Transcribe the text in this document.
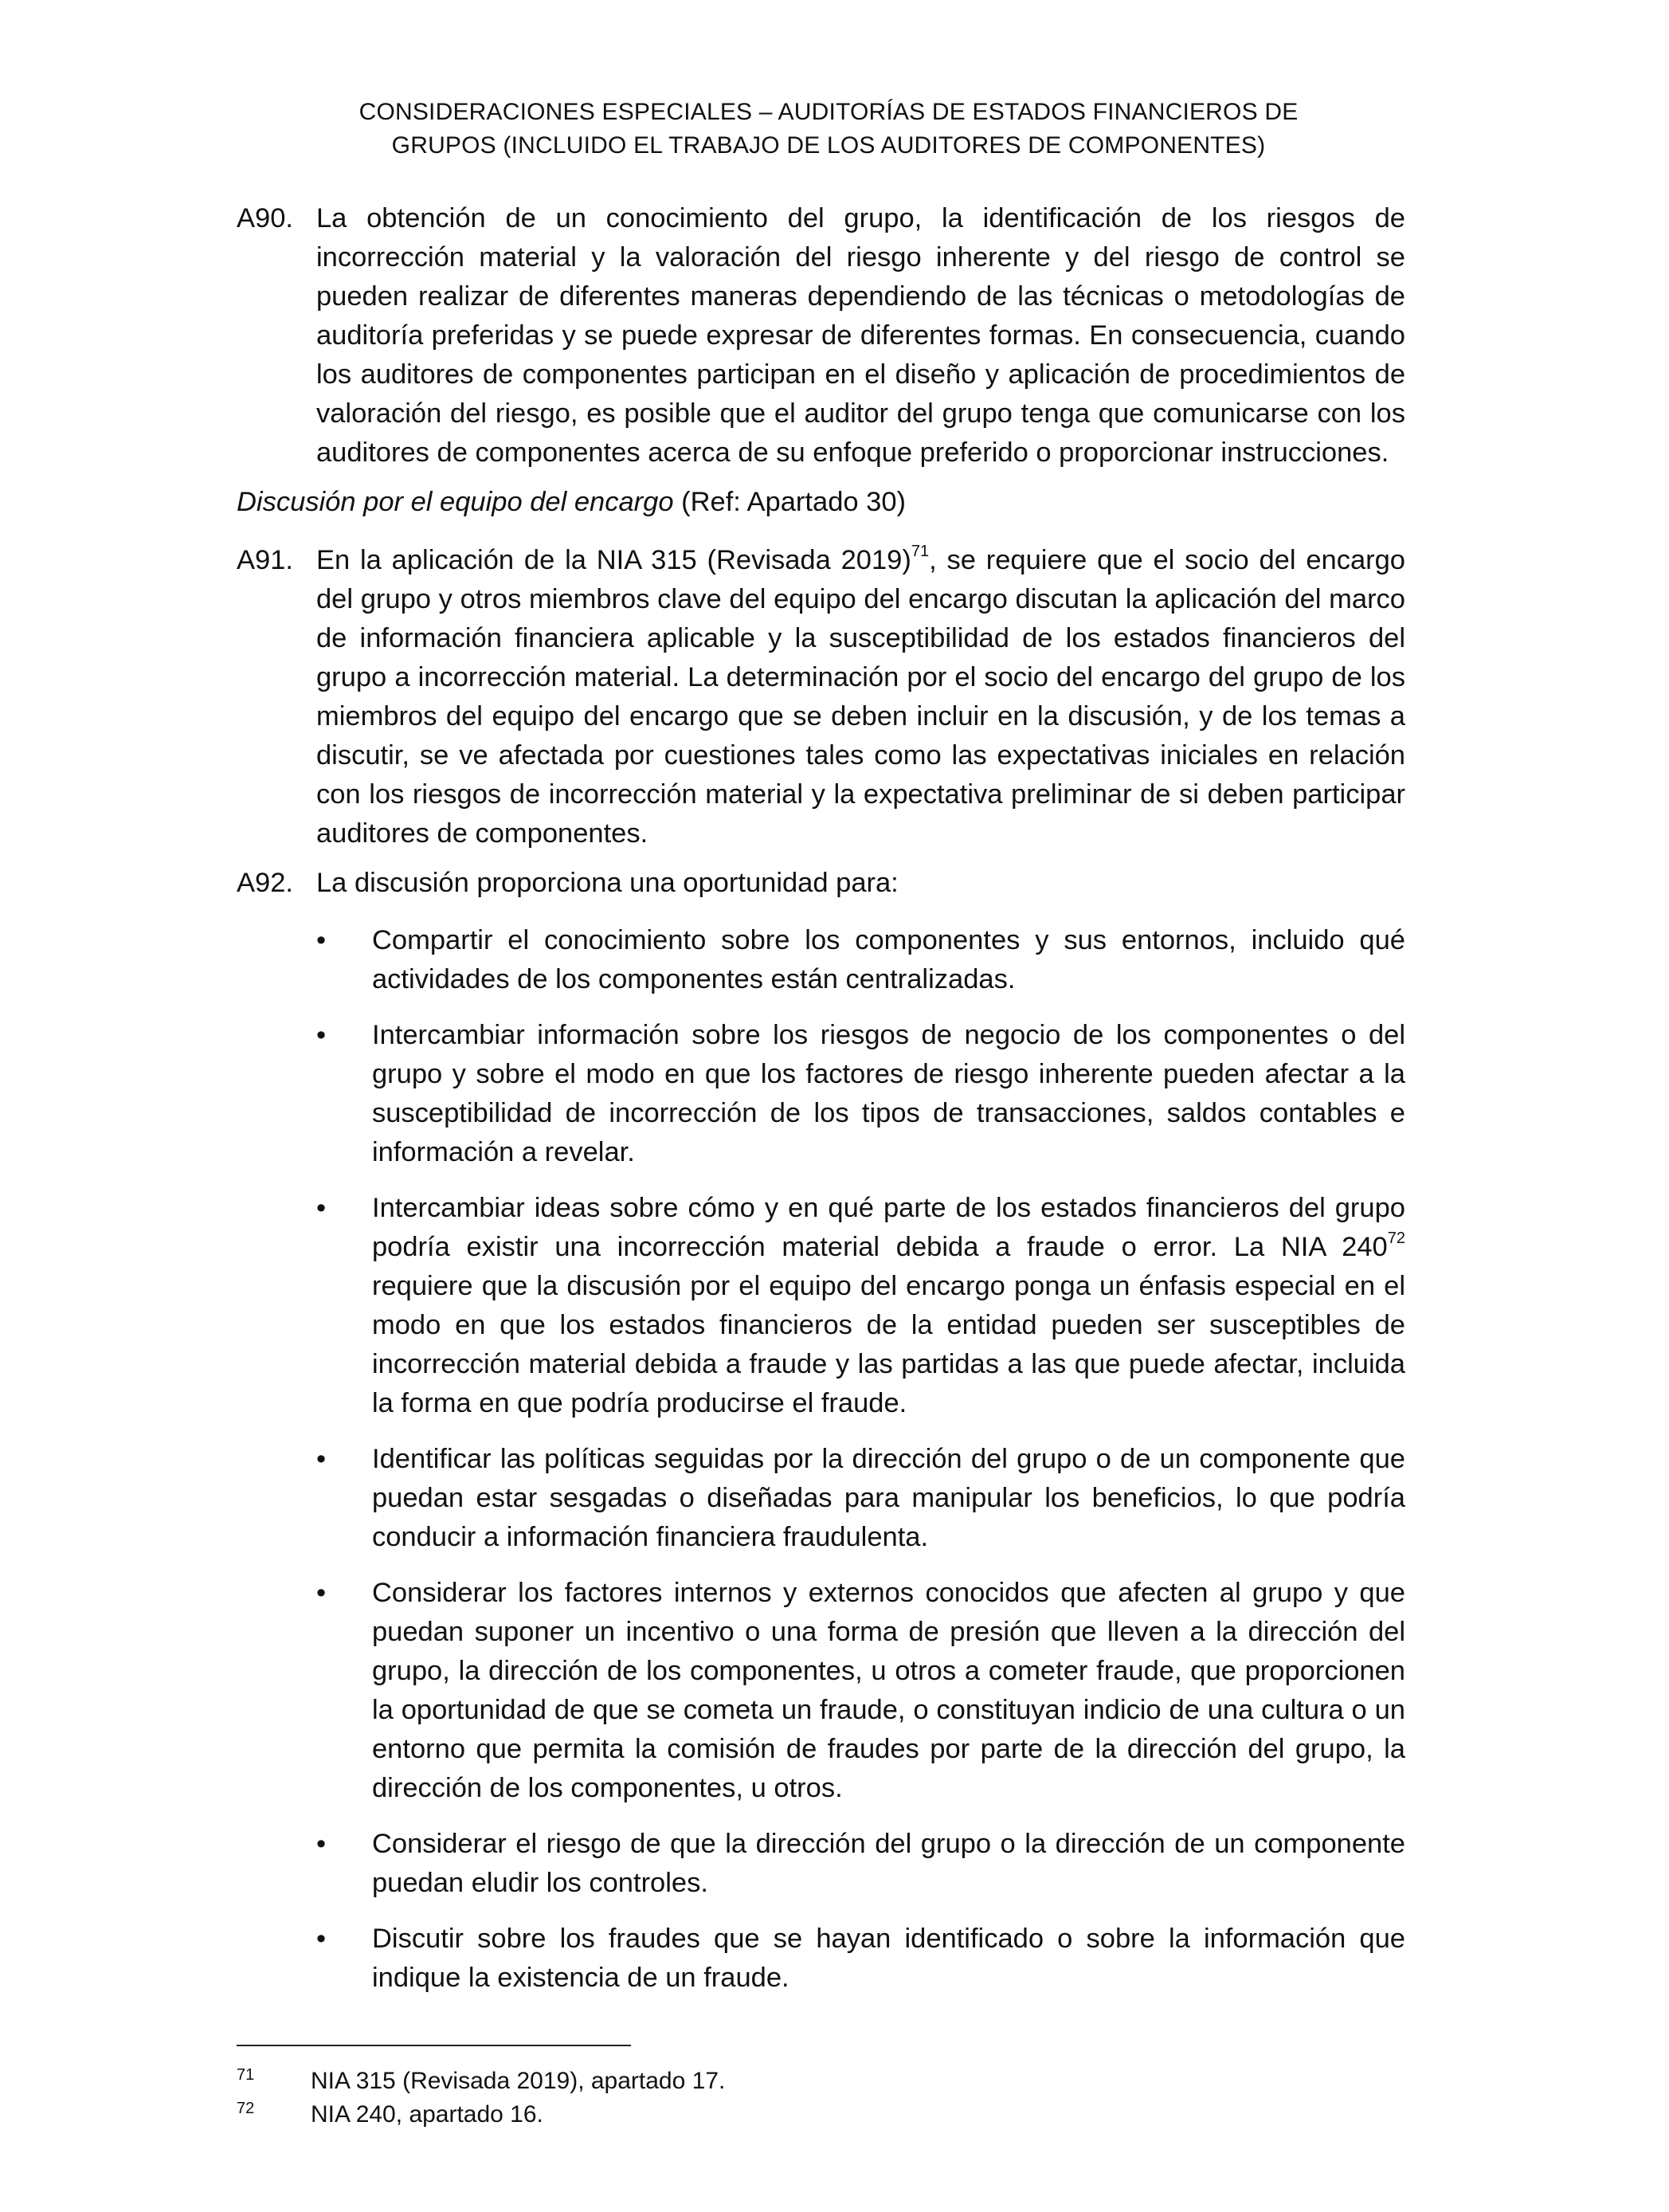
CONSIDERACIONES ESPECIALES – AUDITORÍAS DE ESTADOS FINANCIEROS DE
GRUPOS (INCLUIDO EL TRABAJO DE LOS AUDITORES DE COMPONENTES)
A90. La obtención de un conocimiento del grupo, la identificación de los riesgos de incorrección material y la valoración del riesgo inherente y del riesgo de control se pueden realizar de diferentes maneras dependiendo de las técnicas o metodologías de auditoría preferidas y se puede expresar de diferentes formas. En consecuencia, cuando los auditores de componentes participan en el diseño y aplicación de procedimientos de valoración del riesgo, es posible que el auditor del grupo tenga que comunicarse con los auditores de componentes acerca de su enfoque preferido o proporcionar instrucciones.
Discusión por el equipo del encargo (Ref: Apartado 30)
A91. En la aplicación de la NIA 315 (Revisada 2019)$^{71}$, se requiere que el socio del encargo del grupo y otros miembros clave del equipo del encargo discutan la aplicación del marco de información financiera aplicable y la susceptibilidad de los estados financieros del grupo a incorrección material. La determinación por el socio del encargo del grupo de los miembros del equipo del encargo que se deben incluir en la discusión, y de los temas a discutir, se ve afectada por cuestiones tales como las expectativas iniciales en relación con los riesgos de incorrección material y la expectativa preliminar de si deben participar auditores de componentes.
A92. La discusión proporciona una oportunidad para:
•	Compartir el conocimiento sobre los componentes y sus entornos, incluido qué actividades de los componentes están centralizadas.
•	Intercambiar información sobre los riesgos de negocio de los componentes o del grupo y sobre el modo en que los factores de riesgo inherente pueden afectar a la susceptibilidad de incorrección de los tipos de transacciones, saldos contables e información a revelar.
•	Intercambiar ideas sobre cómo y en qué parte de los estados financieros del grupo podría existir una incorrección material debida a fraude o error. La NIA $240^{72}$ requiere que la discusión por el equipo del encargo ponga un énfasis especial en el modo en que los estados financieros de la entidad pueden ser susceptibles de incorrección material debida a fraude y las partidas a las que puede afectar, incluida la forma en que podría producirse el fraude.
•	Identificar las políticas seguidas por la dirección del grupo o de un componente que puedan estar sesgadas o diseñadas para manipular los beneficios, lo que podría conducir a información financiera fraudulenta.
•	Considerar los factores internos y externos conocidos que afecten al grupo y que puedan suponer un incentivo o una forma de presión que lleven a la dirección del grupo, la dirección de los componentes, u otros a cometer fraude, que proporcionen la oportunidad de que se cometa un fraude, o constituyan indicio de una cultura o un entorno que permita la comisión de fraudes por parte de la dirección del grupo, la dirección de los componentes, u otros.
•	Considerar el riesgo de que la dirección del grupo o la dirección de un componente puedan eludir los controles.
•	Discutir sobre los fraudes que se hayan identificado o sobre la información que indique la existencia de un fraude.
71 NIA 315 (Revisada 2019), apartado 17.
72 NIA 240, apartado 16.
